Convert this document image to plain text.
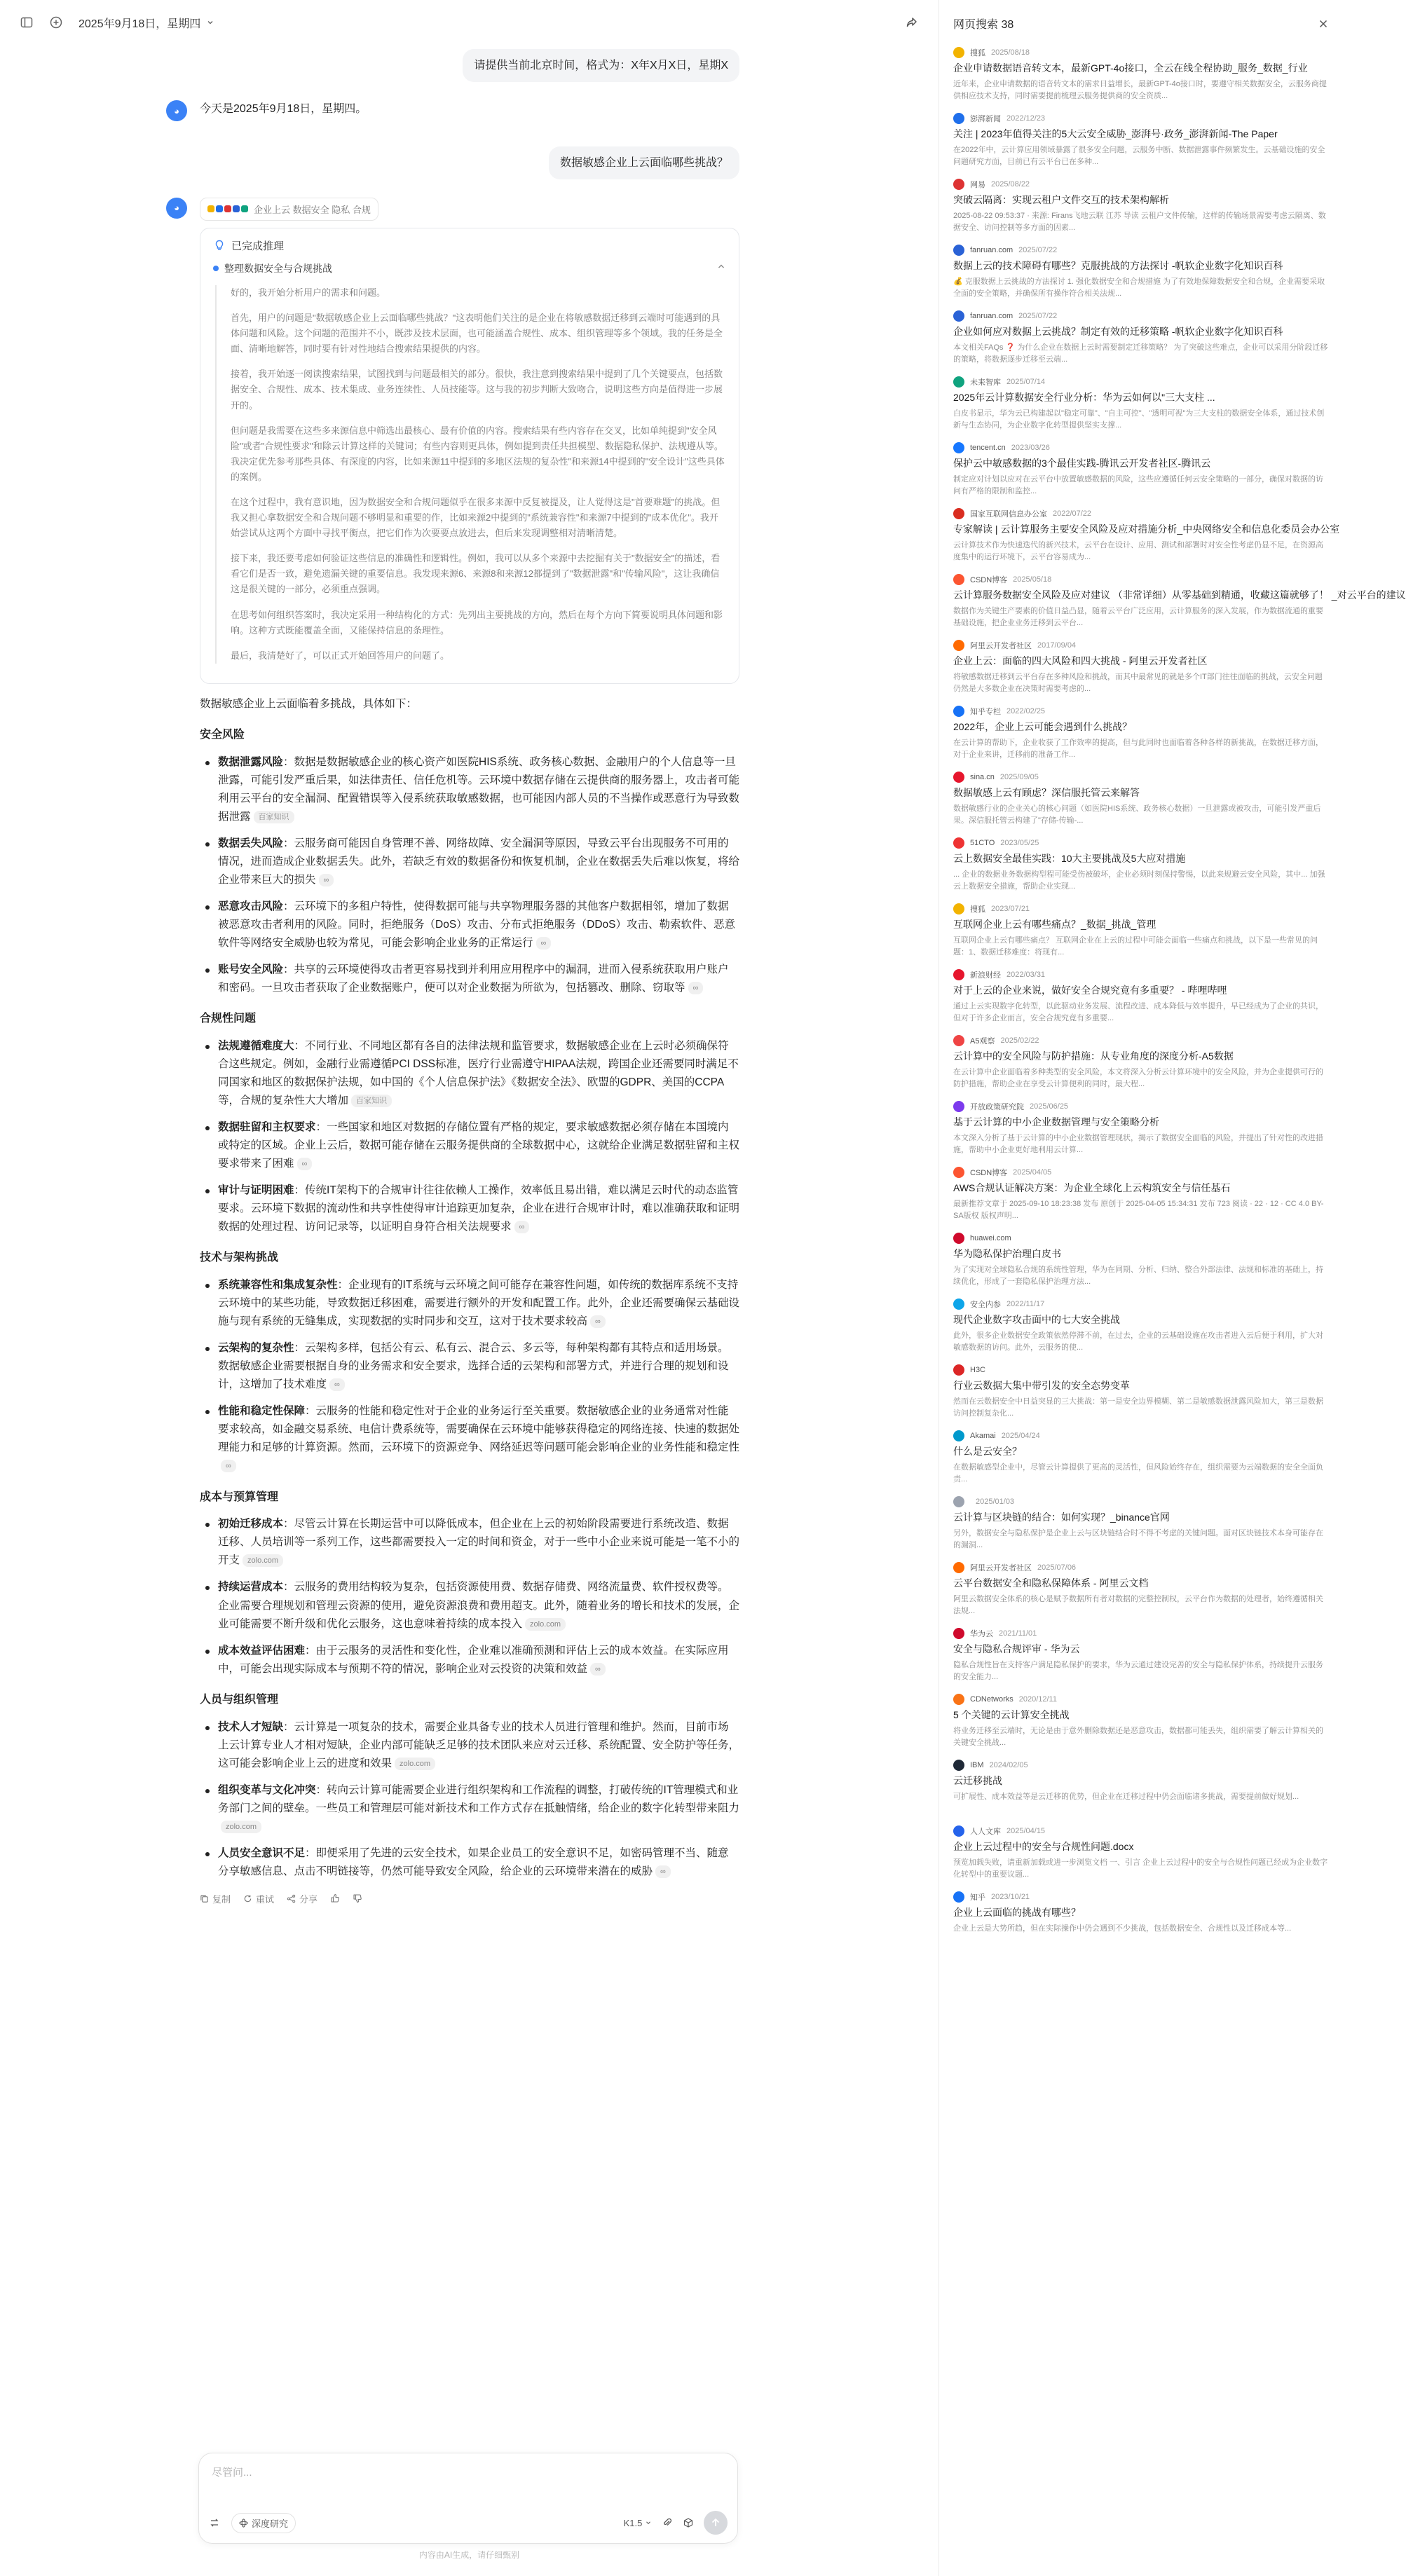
2025年9月18日，星期四
请提供当前北京时间，格式为：X年X月X日，星期X
◕	今天是2025年9月18日，星期四。
数据敏感企业上云面临哪些挑战？
◕	企业上云 数据安全 隐私 合规
已完成推理
整理数据安全与合规挑战

好的，我开始分析用户的需求和问题。

首先，用户的问题是"数据敏感企业上云面临哪些挑战？"这表明他们关注的是企业在将敏感数据迁移到云端时可能遇到的具体问题和风险。这个问题的范围并不小，既涉及技术层面，也可能涵盖合规性、成本、组织管理等多个领域。我的任务是全面、清晰地解答，同时要有针对性地结合搜索结果提供的内容。

接着，我开始逐一阅读搜索结果，试图找到与问题最相关的部分。很快，我注意到搜索结果中提到了几个关键要点，包括数据安全、合规性、成本、技术集成、业务连续性、人员技能等。这与我的初步判断大致吻合，说明这些方向是值得进一步展开的。

但问题是我需要在这些多来源信息中筛选出最核心、最有价值的内容。搜索结果有些内容存在交叉，比如单纯提到"安全风险"或者"合规性要求"和除云计算这样的关键词；有些内容则更具体，例如提到责任共担模型、数据隐私保护、法规遵从等。我决定优先参考那些具体、有深度的内容，比如来源11中提到的多地区法规的复杂性"和来源14中提到的"安全设计"这些具体的案例。

在这个过程中，我有意识地，因为数据安全和合规问题似乎在很多来源中反复被提及，让人觉得这是"首要难题"的挑战。但我又担心拿数据安全和合规问题不够明显和重要的作，比如来源2中提到的"系统兼容性"和来源7中提到的"成本优化"。我开始尝试从这两个方面中寻找平衡点，把它们作为次要要点放进去，但后来发现调整相对清晰清楚。

接下来，我还要考虑如何验证这些信息的准确性和逻辑性。例如，我可以从多个来源中去挖掘有关于"数据安全"的描述，看看它们是否一致，避免遗漏关键的重要信息。我发现来源6、来源8和来源12都提到了"数据泄露"和"传输风险"，这让我确信这是很关键的一部分，必须重点强调。

在思考如何组织答案时，我决定采用一种结构化的方式：先列出主要挑战的方向，然后在每个方向下简要说明具体问题和影响。这种方式既能覆盖全面，又能保持信息的条理性。

最后，我清楚好了，可以正式开始回答用户的问题了。

数据敏感企业上云面临着多挑战，具体如下：
安全风险
数据泄露风险：数据是数据敏感企业的核心资产如医院HIS系统、政务核心数据、金融用户的个人信息等一旦泄露，可能引发严重后果，如法律责任、信任危机等。云环境中数据存储在云提供商的服务器上，攻击者可能利用云平台的安全漏洞、配置错误等入侵系统获取敏感数据，也可能因内部人员的不当操作或恶意行为导致数据泄露 百家知识
数据丢失风险：云服务商可能因自身管理不善、网络故障、安全漏洞等原因，导致云平台出现服务不可用的情况，进而造成企业数据丢失。此外，若缺乏有效的数据备份和恢复机制，企业在数据丢失后难以恢复，将给企业带来巨大的损失 ∞
恶意攻击风险：云环境下的多租户特性，使得数据可能与共享物理服务器的其他客户数据相邻，增加了数据被恶意攻击者利用的风险。同时，拒绝服务（DoS）攻击、分布式拒绝服务（DDoS）攻击、勒索软件、恶意软件等网络安全威胁也较为常见，可能会影响企业业务的正常运行 ∞
账号安全风险：共享的云环境使得攻击者更容易找到并利用应用程序中的漏洞，进而入侵系统获取用户账户和密码。一旦攻击者获取了企业数据账户，便可以对企业数据为所欲为，包括篡改、删除、窃取等 ∞
合规性问题
法规遵循难度大：不同行业、不同地区都有各自的法律法规和监管要求，数据敏感企业在上云时必须确保符合这些规定。例如，金融行业需遵循PCI DSS标准，医疗行业需遵守HIPAA法规，跨国企业还需要同时满足不同国家和地区的数据保护法规，如中国的《个人信息保护法》《数据安全法》、欧盟的GDPR、美国的CCPA等，合规的复杂性大大增加 百家知识
数据驻留和主权要求：一些国家和地区对数据的存储位置有严格的规定，要求敏感数据必须存储在本国境内或特定的区域。企业上云后，数据可能存储在云服务提供商的全球数据中心，这就给企业满足数据驻留和主权要求带来了困难 ∞
审计与证明困难：传统IT架构下的合规审计往往依赖人工操作，效率低且易出错，难以满足云时代的动态监管要求。云环境下数据的流动性和共享性使得审计追踪更加复杂，企业在进行合规审计时，难以准确获取和证明数据的处理过程、访问记录等，以证明自身符合相关法规要求 ∞
技术与架构挑战
系统兼容性和集成复杂性：企业现有的IT系统与云环境之间可能存在兼容性问题，如传统的数据库系统不支持云环境中的某些功能，导致数据迁移困难，需要进行额外的开发和配置工作。此外，企业还需要确保云基础设施与现有系统的无缝集成，实现数据的实时同步和交互，这对于技术要求较高 ∞
云架构的复杂性：云架构多样，包括公有云、私有云、混合云、多云等，每种架构都有其特点和适用场景。数据敏感企业需要根据自身的业务需求和安全要求，选择合适的云架构和部署方式，并进行合理的规划和设计，这增加了技术难度 ∞
性能和稳定性保障：云服务的性能和稳定性对于企业的业务运行至关重要。数据敏感企业的业务通常对性能要求较高，如金融交易系统、电信计费系统等，需要确保在云环境中能够获得稳定的网络连接、快速的数据处理能力和足够的计算资源。然而，云环境下的资源竞争、网络延迟等问题可能会影响企业的业务性能和稳定性∞
成本与预算管理
初始迁移成本：尽管云计算在长期运营中可以降低成本，但企业在上云的初始阶段需要进行系统改造、数据迁移、人员培训等一系列工作，这些都需要投入一定的时间和资金，对于一些中小企业来说可能是一笔不小的开支 zolo.com
持续运营成本：云服务的费用结构较为复杂，包括资源使用费、数据存储费、网络流量费、软件授权费等。企业需要合理规划和管理云资源的使用，避免资源浪费和费用超支。此外，随着业务的增长和技术的发展，企业可能需要不断升级和优化云服务，这也意味着持续的成本投入 zolo.com
成本效益评估困难：由于云服务的灵活性和变化性，企业难以准确预测和评估上云的成本效益。在实际应用中，可能会出现实际成本与预期不符的情况，影响企业对云投资的决策和效益 ∞
人员与组织管理
技术人才短缺：云计算是一项复杂的技术，需要企业具备专业的技术人员进行管理和维护。然而，目前市场上云计算专业人才相对短缺，企业内部可能缺乏足够的技术团队来应对云迁移、系统配置、安全防护等任务，这可能会影响企业上云的进度和效果 zolo.com
组织变革与文化冲突：转向云计算可能需要企业进行组织架构和工作流程的调整，打破传统的IT管理模式和业务部门之间的壁垒。一些员工和管理层可能对新技术和工作方式存在抵触情绪，给企业的数字化转型带来阻力zolo.com
人员安全意识不足：即便采用了先进的云安全技术，如果企业员工的安全意识不足，如密码管理不当、随意分享敏感信息、点击不明链接等，仍然可能导致安全风险，给企业的云环境带来潜在的威胁 ∞
复制	重试	分享
尽管问...
深度研究	K1.5
内容由AI生成，请仔细甄别
网页搜索 38
搜狐 2025/08/18
企业申请数据语音转文本，最新GPT-4o接口，全云在线全程协助_服务_数据_行业
近年来，企业申请数据的语音转文本的需求日益增长，最新GPT-4o接口时，要遵守相关数据安全，云服务商提供相应技术支持，同时需要提前梳理云服务提供商的安全资质...
澎湃新闻 2022/12/23
关注 | 2023年值得关注的5大云安全威胁_澎湃号·政务_澎湃新闻-The Paper
在2022年中，云计算应用领域暴露了很多安全问题，云服务中断、数据泄露事件频繁发生。云基础设施的安全问题研究方面，目前已有云平台已在多种...
网易 2025/08/22
突破云隔离：实现云租户文件交互的技术架构解析
2025-08-22 09:53:37 · 来源: Firans飞地云联 江苏 导读 云租户文件传输，这样的传输场景需要考虑云隔离、数据安全、访问控制等多方面的因素...
fanruan.com 2025/07/22
数据上云的技术障碍有哪些？克服挑战的方法探讨 -帆软企业数字化知识百科
💰 克服数据上云挑战的方法探讨 1. 强化数据安全和合规措施 为了有效地保障数据安全和合规，企业需要采取全面的安全策略，并确保所有操作符合相关法规...
fanruan.com 2025/07/22
企业如何应对数据上云挑战？制定有效的迁移策略 -帆软企业数字化知识百科
本文相关FAQs ❓ 为什么企业在数据上云时需要制定迁移策略？ 为了突破这些难点，企业可以采用分阶段迁移的策略，将数据逐步迁移至云端...
未来智库 2025/07/14
2025年云计算数据安全行业分析：华为云如何以"三大支柱 ...
白皮书显示，华为云已构建起以"稳定可靠"、"自主可控"、"透明可视"为三大支柱的数据安全体系，通过技术创新与生态协同，为企业数字化转型提供坚实支撑...
tencent.cn 2023/03/26
保护云中敏感数据的3个最佳实践-腾讯云开发者社区-腾讯云
制定应对计划以应对在云平台中放置敏感数据的风险，这些应遵循任何云安全策略的一部分，确保对数据的访问有严格的限制和监控...
国家互联网信息办公室 2022/07/22
专家解读 | 云计算服务主要安全风险及应对措施分析_中央网络安全和信息化委员会办公室
云计算技术作为快速迭代的新兴技术，云平台在设计、应用、测试和部署时对安全性考虑仍显不足，在资源高度集中的运行环境下，云平台容易成为...
CSDN博客 2025/05/18
云计算服务数据安全风险及应对建议 （非常详细）从零基础到精通，收藏这篇就够了！ _对云平台的建议
数据作为关键生产要素的价值日益凸显，随着云平台广泛应用，云计算服务的深入发展，作为数据流通的重要基础设施，把企业业务迁移到云平台...
阿里云开发者社区 2017/09/04
企业上云：面临的四大风险和四大挑战 - 阿里云开发者社区
将敏感数据迁移到云平台存在多种风险和挑战，而其中最常见的就是多个IT部门往往面临的挑战，云安全问题仍然是大多数企业在决策时需要考虑的...
知乎专栏 2022/02/25
2022年，企业上云可能会遇到什么挑战？
在云计算的帮助下，企业收获了工作效率的提高，但与此同时也面临着各种各样的新挑战，在数据迁移方面，对于企业来讲，迁移前的准备工作...
sina.cn 2025/09/05
数据敏感上云有顾虑？深信服托管云来解答
数据敏感行业的企业关心的核心问题（如医院HIS系统、政务核心数据）一旦泄露或被攻击，可能引发严重后果。深信服托管云构建了"存储-传输-...
51CTO 2023/05/25
云上数据安全最佳实践：10大主要挑战及5大应对措施
... 企业的数据业务数据构型程可能受伤被破坏，企业必须时刻保持警惕，以此来规避云安全风险，其中... 加强云上数据安全措施，帮助企业实现...
搜狐 2023/07/21
互联网企业上云有哪些痛点？_数据_挑战_管理
互联网企业上云有哪些痛点？ 互联网企业在上云的过程中可能会面临一些痛点和挑战，以下是一些常见的问题：1、数据迁移难度：将现有...
新浪财经 2022/03/31
对于上云的企业来说，做好安全合规究竟有多重要？ - 哔哩哔哩
通过上云实现数字化转型，以此驱动业务发展、流程改进、成本降低与效率提升，早已经成为了企业的共识，但对于许多企业而言，安全合规究竟有多重要...
A5观察 2025/02/22
云计算中的安全风险与防护措施：从专业角度的深度分析-A5数据
在云计算中企业面临着多种类型的安全风险，本文将深入分析云计算环境中的安全风险，并为企业提供可行的防护措施，帮助企业在享受云计算便利的同时，最大程...
开放政策研究院 2025/06/25
基于云计算的中小企业数据管理与安全策略分析
本文深入分析了基于云计算的中小企业数据管理现状，揭示了数据安全面临的风险，并提出了针对性的改进措施，帮助中小企业更好地利用云计算...
CSDN博客 2025/04/05
AWS合规认证解决方案：为企业全球化上云构筑安全与信任基石
最新推荐文章于 2025-09-10 18:23:38 发布 原创于 2025-04-05 15:34:31 发布 723 阅读 · 22 · 12 · CC 4.0 BY-SA版权 版权声明...
huawei.com
华为隐私保护治理白皮书
为了实现对全球隐私合规的系统性管理，华为在同期、分析、归纳、整合外部法律、法规和标准的基础上，持续优化，形成了一套隐私保护治理方法...
安全内参 2022/11/17
现代企业数字攻击面中的七大安全挑战
此外，很多企业数据安全政策依然停滞不前，在过去，企业的云基础设施在攻击者进入云后便于利用，扩大对敏感数据的访问。此外，云服务的使...
H3C
行业云数据大集中带引发的安全态势变革
然而在云数据安全中日益突显的三大挑战：第一是安全边界模糊、第二是敏感数据泄露风险加大，第三是数据访问控制复杂化...
Akamai 2025/04/24
什么是云安全？
在数据敏感型企业中，尽管云计算提供了更高的灵活性，但风险始终存在，组织需要为云端数据的安全全面负责...
2025/01/03
云计算与区块链的结合：如何实现？_binance官网
另外，数据安全与隐私保护是企业上云与区块链结合时不得不考虑的关键问题。面对区块链技术本身可能存在的漏洞...
阿里云开发者社区 2025/07/06
云平台数据安全和隐私保障体系 - 阿里云文档
阿里云数据安全体系的核心是赋予数据所有者对数据的完整控制权，云平台作为数据的处理者，始终遵循相关法规...
华为云 2021/11/01
安全与隐私合规评审 - 华为云
隐私合规性旨在支持客户满足隐私保护的要求，华为云通过建设完善的安全与隐私保护体系，持续提升云服务的安全能力...
CDNetworks 2020/12/11
5 个关键的云计算安全挑战
将业务迁移至云端时，无论是由于意外删除数据还是恶意攻击，数据都可能丢失，组织需要了解云计算相关的关键安全挑战...
IBM 2024/02/05
云迁移挑战
可扩展性、成本效益等是云迁移的优势，但企业在迁移过程中仍会面临诸多挑战，需要提前做好规划...
人人文库 2025/04/15
企业上云过程中的安全与合规性问题.docx
预览加载失败，请重新加载或进一步浏览文档 一、引言 企业上云过程中的安全与合规性问题已经成为企业数字化转型中的重要议题...
知乎 2023/10/21
企业上云面临的挑战有哪些？
企业上云是大势所趋，但在实际操作中仍会遇到不少挑战，包括数据安全、合规性以及迁移成本等...
